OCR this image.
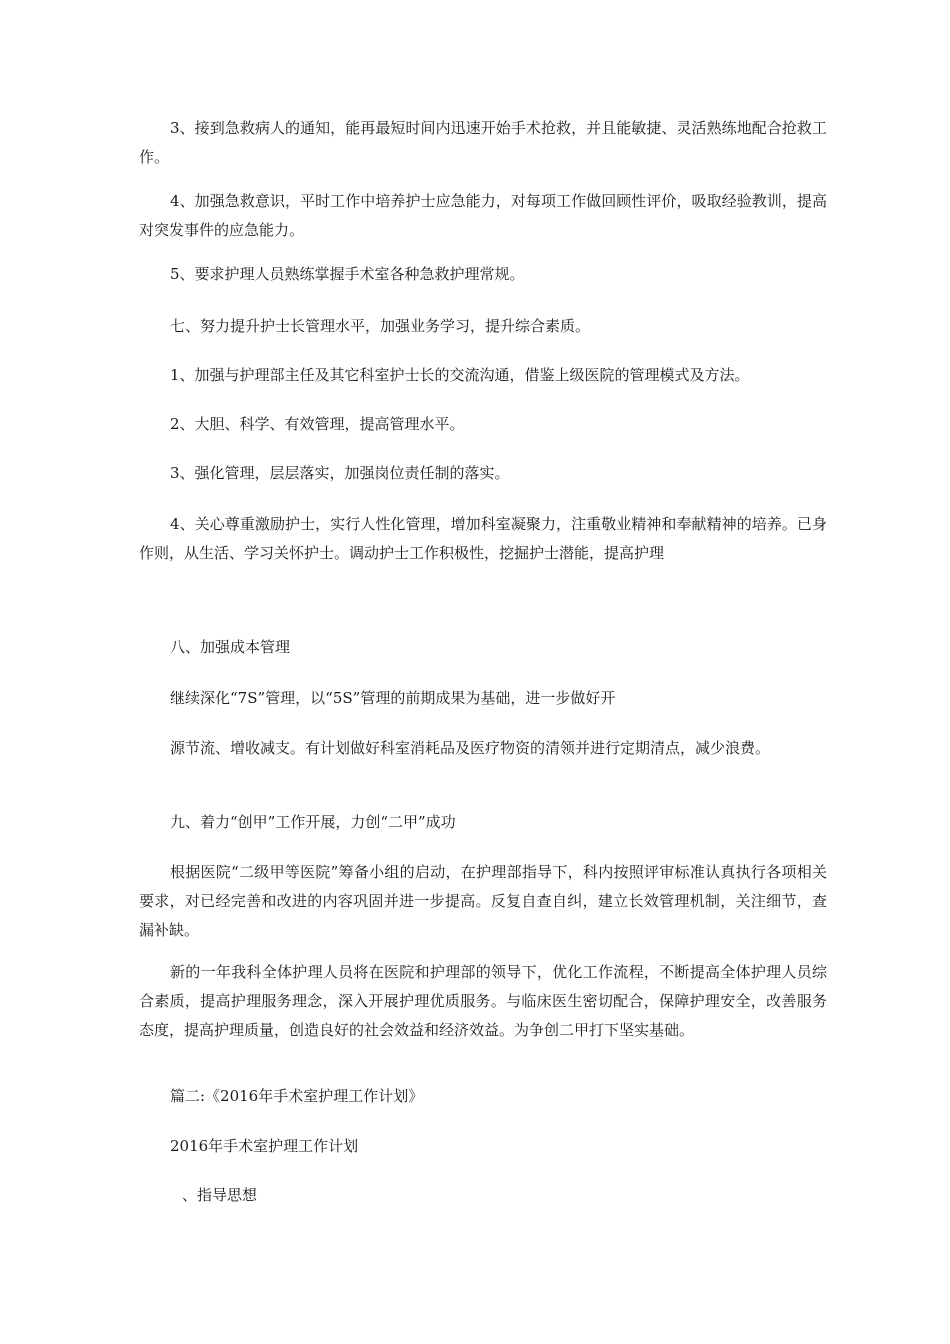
3、接到急救病人的通知，能再最短时间内迅速开始手术抢救，并且能敏捷、灵活熟练地配合抢救工作。

4、加强急救意识，平时工作中培养护士应急能力，对每项工作做回顾性评价，吸取经验教训，提高对突发事件的应急能力。

5、要求护理人员熟练掌握手术室各种急救护理常规。

七、努力提升护士长管理水平，加强业务学习，提升综合素质。

1、加强与护理部主任及其它科室护士长的交流沟通，借鉴上级医院的管理模式及方法。

2、大胆、科学、有效管理，提高管理水平。

3、强化管理，层层落实，加强岗位责任制的落实。

4、关心尊重激励护士，实行人性化管理，增加科室凝聚力，注重敬业精神和奉献精神的培养。已身作则，从生活、学习关怀护士。调动护士工作积极性，挖掘护士潜能，提高护理

八、加强成本管理

继续深化“7S”管理，以“5S”管理的前期成果为基础，进一步做好开

源节流、增收减支。有计划做好科室消耗品及医疗物资的清领并进行定期清点，减少浪费。

九、着力“创甲”工作开展，力创“二甲”成功

根据医院“二级甲等医院”筹备小组的启动，在护理部指导下，科内按照评审标准认真执行各项相关要求，对已经完善和改进的内容巩固并进一步提高。反复自查自纠，建立长效管理机制，关注细节，查漏补缺。

新的一年我科全体护理人员将在医院和护理部的领导下，优化工作流程，不断提高全体护理人员综合素质，提高护理服务理念，深入开展护理优质服务。与临床医生密切配合，保障护理安全，改善服务态度，提高护理质量，创造良好的社会效益和经济效益。为争创二甲打下坚实基础。

篇二:《2016年手术室护理工作计划》

2016年手术室护理工作计划

、指导思想
